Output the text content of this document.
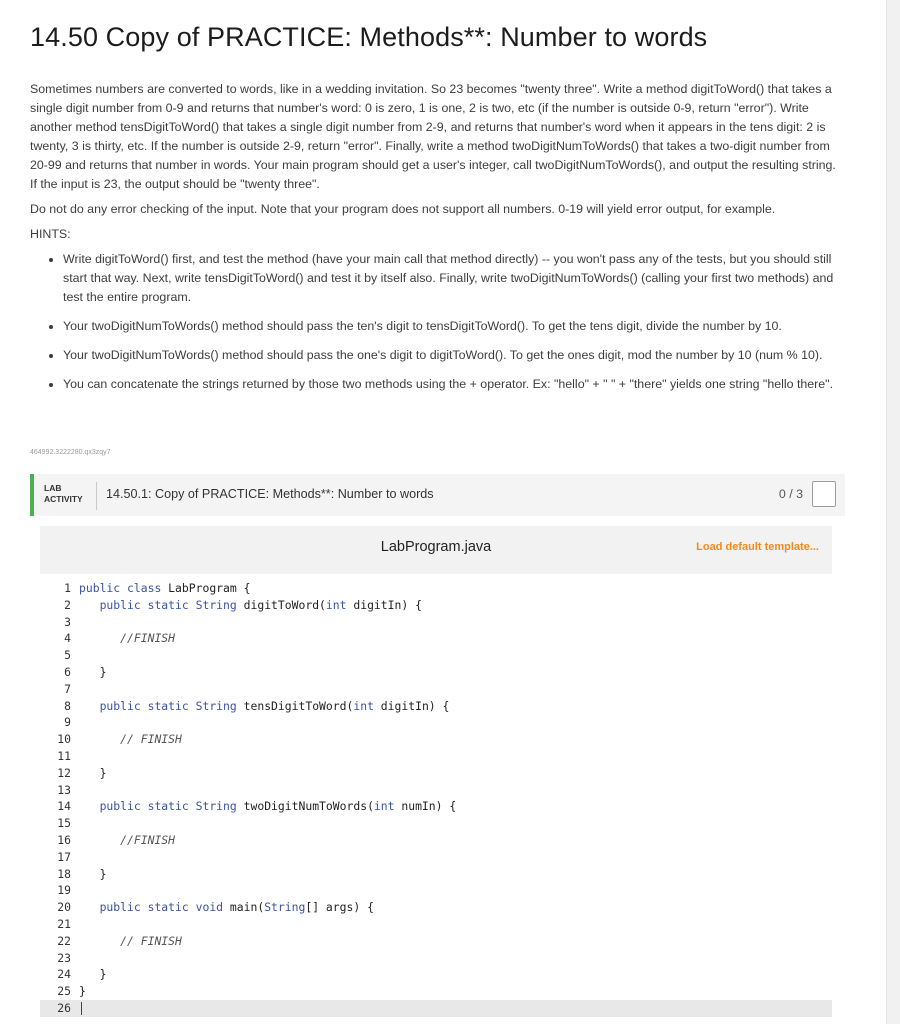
14.50 Copy of PRACTICE: Methods**: Number to words

Sometimes numbers are converted to words, like in a wedding invitation. So 23 becomes "twenty three". Write a method digitToWord() that takes a single digit number from 0-9 and returns that number's word: 0 is zero, 1 is one, 2 is two, etc (if the number is outside 0-9, return "error"). Write another method tensDigitToWord() that takes a single digit number from 2-9, and returns that number's word when it appears in the tens digit: 2 is twenty, 3 is thirty, etc. If the number is outside 2-9, return "error". Finally, write a method twoDigitNumToWords() that takes a two-digit number from 20-99 and returns that number in words. Your main program should get a user's integer, call twoDigitNumToWords(), and output the resulting string. If the input is 23, the output should be "twenty three".

Do not do any error checking of the input. Note that your program does not support all numbers. 0-19 will yield error output, for example.

HINTS:

• Write digitToWord() first, and test the method (have your main call that method directly) -- you won't pass any of the tests, but you should still start that way. Next, write tensDigitToWord() and test it by itself also. Finally, write twoDigitNumToWords() (calling your first two methods) and test the entire program.
• Your twoDigitNumToWords() method should pass the ten's digit to tensDigitToWord(). To get the tens digit, divide the number by 10.
• Your twoDigitNumToWords() method should pass the one's digit to digitToWord(). To get the ones digit, mod the number by 10 (num % 10).
• You can concatenate the strings returned by those two methods using the + operator. Ex: "hello" + " " + "there" yields one string "hello there".
464992.3222280.qx3zqy7
LAB
ACTIVITY 14.50.1: Copy of PRACTICE: Methods**: Number to words	0 / 3
LabProgram.java	Load default template...
1 public class LabProgram {
2	public static String digitToWord(int digitIn) {
3
4	//FINISH
5
6 }
7
8	public static String tensDigitToWord(int digitIn) {
9
10	// FINISH
11
12 }
13
14	public static String twoDigitNumToWords(int numIn) {
15
16	//FINISH
17
18 }
19
20	public static void main(String[] args) {
21
22	// FINISH
23
24 }
25 }
26
